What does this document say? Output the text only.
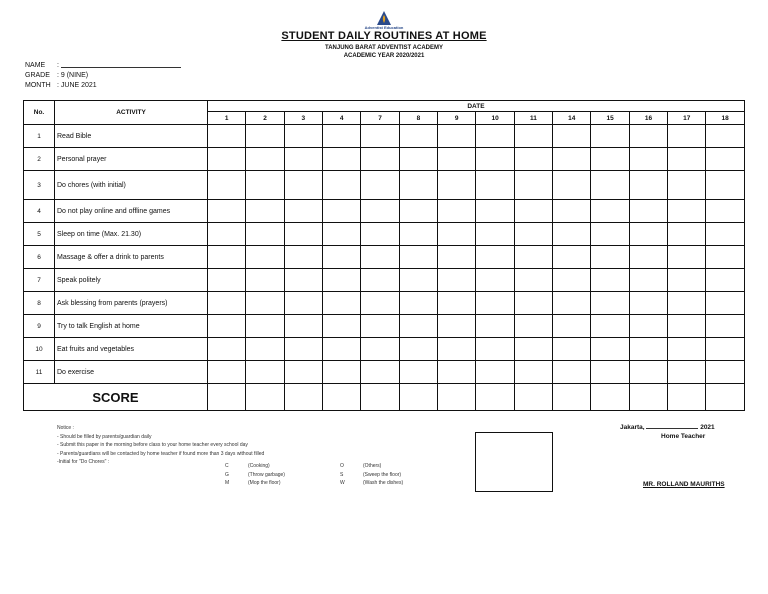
Adventist Education
STUDENT DAILY ROUTINES AT HOME
TANJUNG BARAT ADVENTIST ACADEMY
ACADEMIC YEAR 2020/2021
NAME	:
GRADE	: 9 (NINE)
MONTH : JUNE 2021
No.	ACTIVITY	DATE													
		1	2	3	4	7	8	9	10	11	14	15	16	17	18
1	Read Bible														
2	Personal prayer														
3	Do chores (with initial)														
4	Do not play online and offline games														
5	Sleep on time (Max. 21.30)														
6	Massage & offer a drink to parents														
7	Speak politely														
8	Ask blessing from parents (prayers)														
9	Try to talk English at home														
10	Eat fruits and vegetables														
11	Do exercise														
SCORE															
Notice :
- Should be filled by parents/guardian daily
- Submit this paper in the morning before class to your home teacher every school day
- Parents/guardians will be contacted by home teacher if found more than 3 days without filled
-Initial for "Do Chores" :
C	(Cooking)
G	(Throw garbage)
M	(Mop the floor)
O	(Others)
S	(Sweep the floor)
W	(Wash the dishes)
Jakarta,	2021
Home Teacher
MR. ROLLAND MAURITHS
